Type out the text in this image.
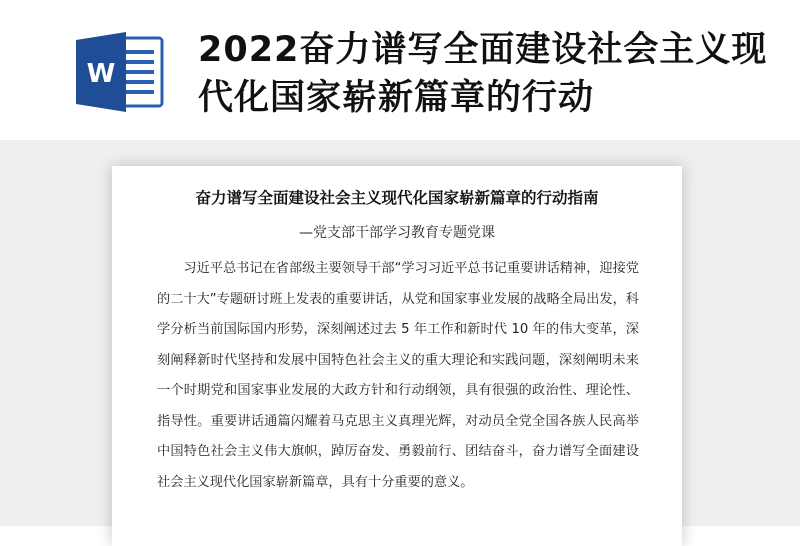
W
2022奋力谱写全面建设社会主义现代化国家崭新篇章的行动
奋力谱写全面建设社会主义现代化国家崭新篇章的行动指南

—党支部干部学习教育专题党课

习近平总书记在省部级主要领导干部“学习习近平总书记重要讲话精神，迎接党的二十大”专题研讨班上发表的重要讲话，从党和国家事业发展的战略全局出发，科学分析当前国际国内形势，深刻阐述过去 5 年工作和新时代 10 年的伟大变革，深刻阐释新时代坚持和发展中国特色社会主义的重大理论和实践问题，深刻阐明未来一个时期党和国家事业发展的大政方针和行动纲领，具有很强的政治性、理论性、指导性。重要讲话通篇闪耀着马克思主义真理光辉，对动员全党全国各族人民高举中国特色社会主义伟大旗帜，踔厉奋发、勇毅前行、团结奋斗，奋力谱写全面建设社会主义现代化国家崭新篇章，具有十分重要的意义。
